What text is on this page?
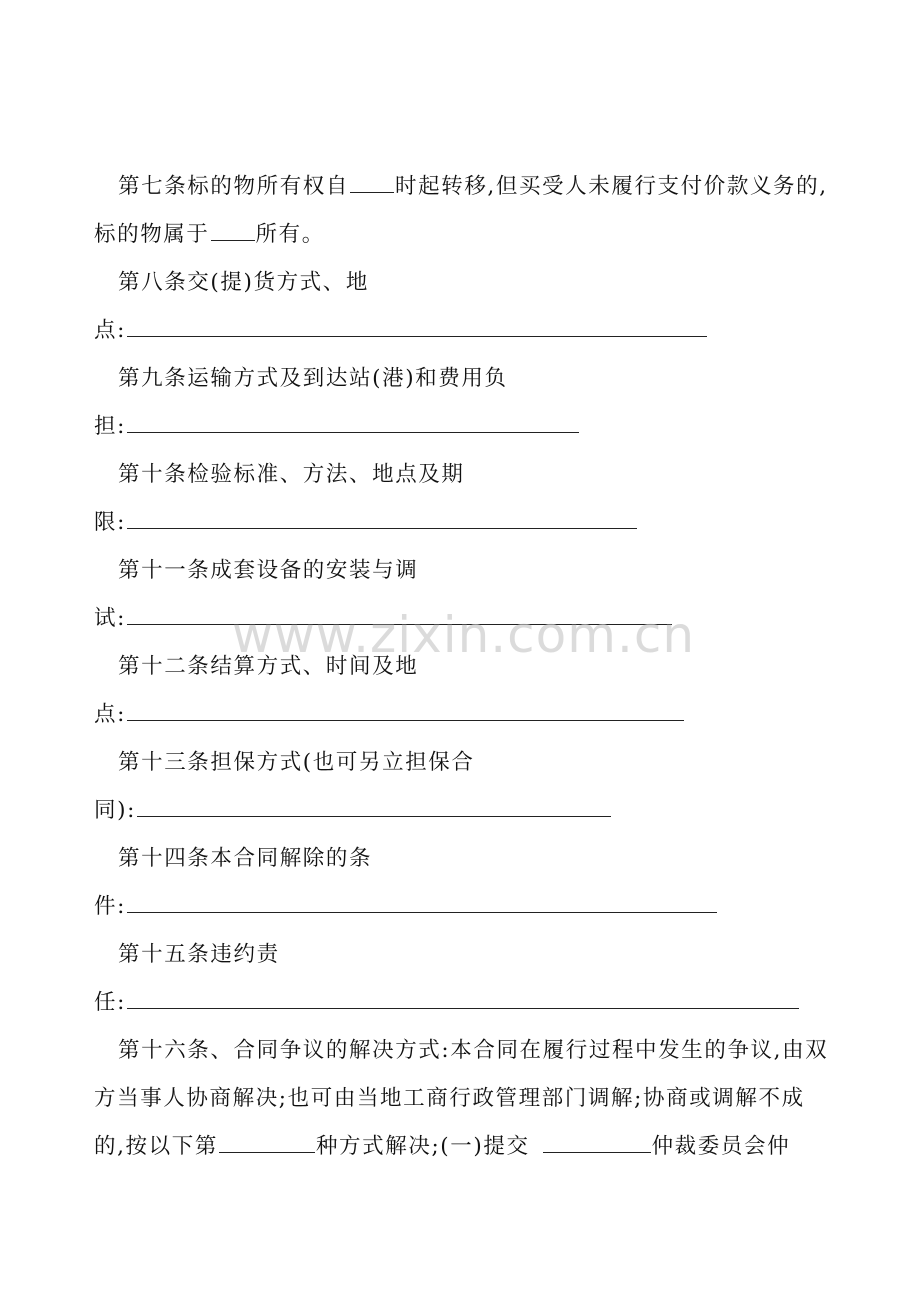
第七条标的物所有权自 时起转移,但买受人未履行支付价款义务的,
标的物属于 所有。
第八条交(提)货方式、地
点:
第九条运输方式及到达站(港)和费用负
担:
第十条检验标准、方法、地点及期
限:
第十一条成套设备的安装与调
试:
第十二条结算方式、时间及地
点:
第十三条担保方式(也可另立担保合
同):
第十四条本合同解除的条
件:
第十五条违约责
任:
第十六条、合同争议的解决方式:本合同在履行过程中发生的争议,由双
方当事人协商解决;也可由当地工商行政管理部门调解;协商或调解不成
的,按以下第	种方式解决;(一)提交	仲裁委员会仲
www.zixin.com.cn
